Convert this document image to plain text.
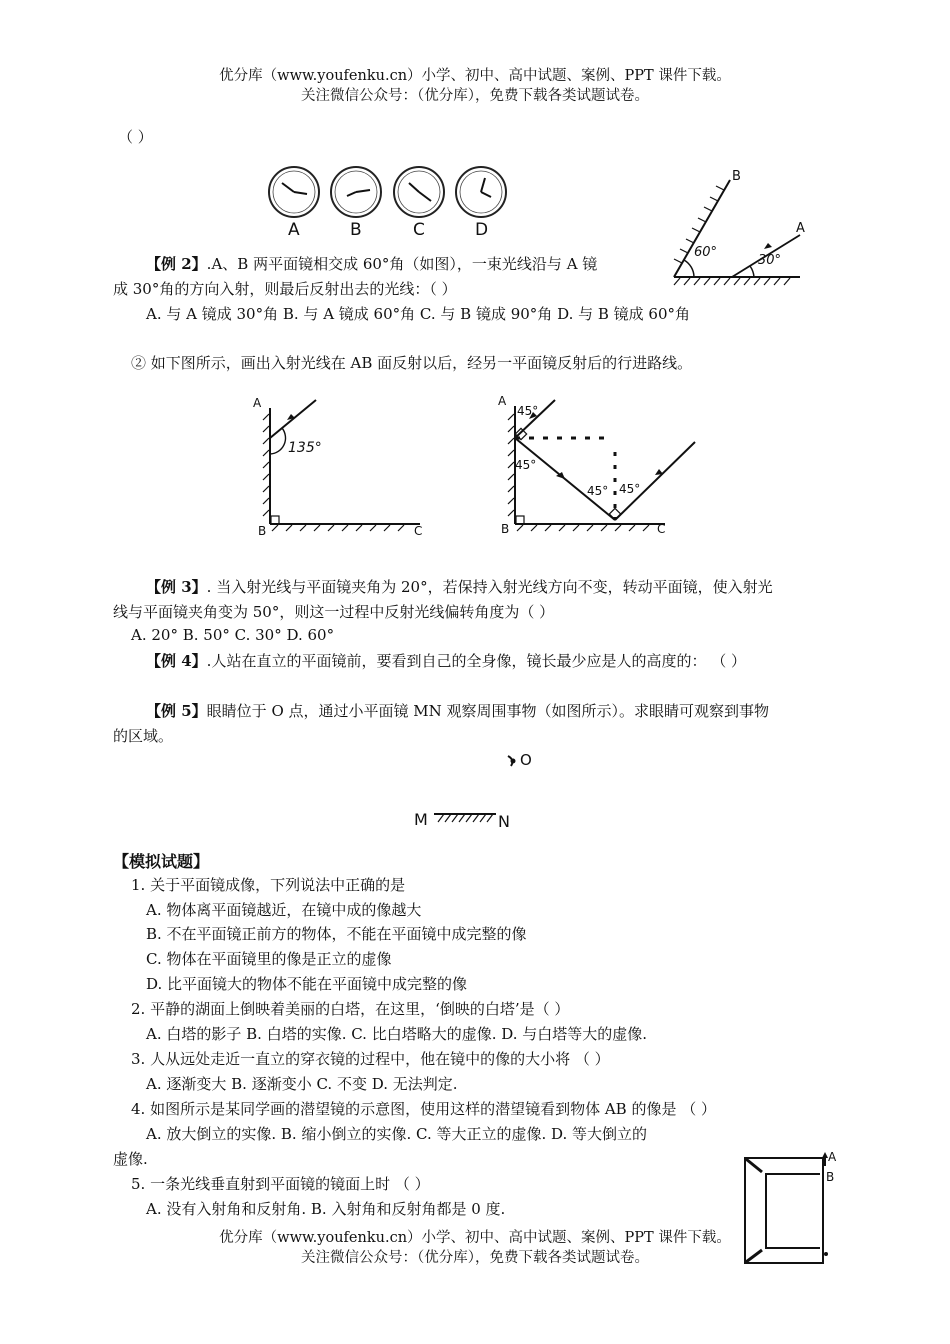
优分库（www.youfenku.cn）小学、初中、高中试题、案例、PPT 课件下载。
关注微信公众号：（优分库），免费下载各类试题试卷。
（ ）
A	B	C	D
【例 2】.A、B 两平面镜相交成 60°角（如图），一束光线沿与 A 镜
成 30°角的方向入射，则最后反射出去的光线：（ ）
A. 与 A 镜成 30°角 B. 与 A 镜成 60°角 C. 与 B 镜成 90°角 D. 与 B 镜成 60°角
B
A
60°
30°
② 如下图所示，画出入射光线在 AB 面反射以后，经另一平面镜反射后的行进路线。
A
B	C
135°
A
B	C
45°
45°
45° 45°
【例 3】. 当入射光线与平面镜夹角为 20°，若保持入射光线方向不变，转动平面镜，使入射光
线与平面镜夹角变为 50°，则这一过程中反射光线偏转角度为（ ）
A. 20° B. 50° C. 30° D. 60°
【例 4】.人站在直立的平面镜前，要看到自己的全身像，镜长最少应是人的高度的： （ ）
【例 5】眼睛位于 O 点，通过小平面镜 MN 观察周围事物（如图所示）。求眼睛可观察到事物
的区域。
O
M	N
【模拟试题】
1. 关于平面镜成像，下列说法中正确的是
A. 物体离平面镜越近，在镜中成的像越大
B. 不在平面镜正前方的物体，不能在平面镜中成完整的像
C. 物体在平面镜里的像是正立的虚像
D. 比平面镜大的物体不能在平面镜中成完整的像
2. 平静的湖面上倒映着美丽的白塔，在这里，‘倒映的白塔’是（ ）
A. 白塔的影子 B. 白塔的实像. C. 比白塔略大的虚像. D. 与白塔等大的虚像.
3. 人从远处走近一直立的穿衣镜的过程中，他在镜中的像的大小将 （ ）
A. 逐渐变大 B. 逐渐变小 C. 不变 D. 无法判定.
4. 如图所示是某同学画的潜望镜的示意图，使用这样的潜望镜看到物体 AB 的像是 （ ）
A. 放大倒立的实像. B. 缩小倒立的实像. C. 等大正立的虚像. D. 等大倒立的
虚像.
5. 一条光线垂直射到平面镜的镜面上时 （ ）
A. 没有入射角和反射角. B. 入射角和反射角都是 0 度.
A
B
优分库（www.youfenku.cn）小学、初中、高中试题、案例、PPT 课件下载。
关注微信公众号：（优分库），免费下载各类试题试卷。
